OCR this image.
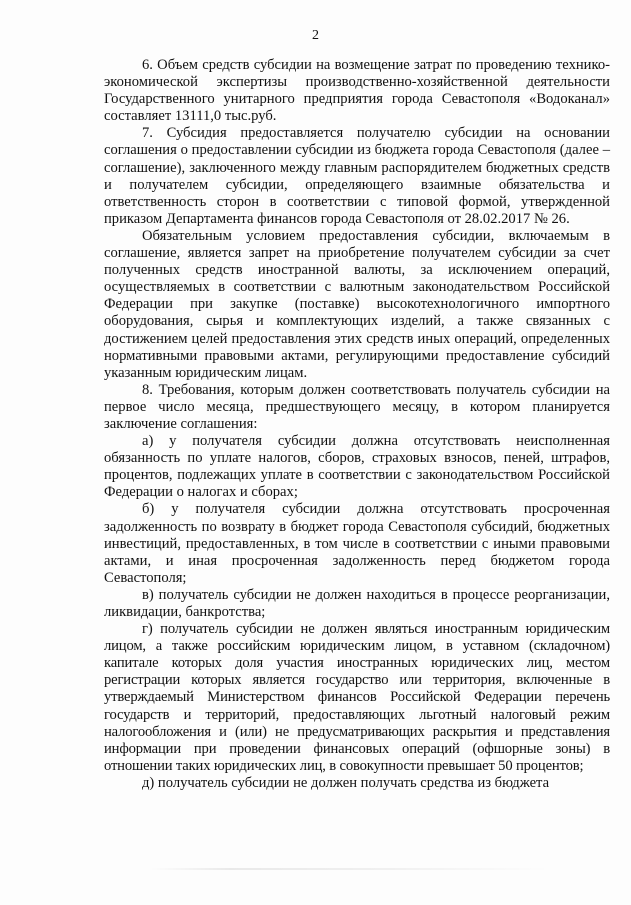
2

6. Объем средств субсидии на возмещение затрат по проведению технико-экономической экспертизы производственно-хозяйственной деятельности Государственного унитарного предприятия города Севастополя «Водоканал» составляет 13111,0 тыс.руб.

7. Субсидия предоставляется получателю субсидии на основании соглашения о предоставлении субсидии из бюджета города Севастополя (далее – соглашение), заключенного между главным распорядителем бюджетных средств и получателем субсидии, определяющего взаимные обязательства и ответственность сторон в соответствии с типовой формой, утвержденной приказом Департамента финансов города Севастополя от 28.02.2017 № 26.

Обязательным условием предоставления субсидии, включаемым в соглашение, является запрет на приобретение получателем субсидии за счет полученных средств иностранной валюты, за исключением операций, осуществляемых в соответствии с валютным законодательством Российской Федерации при закупке (поставке) высокотехнологичного импортного оборудования, сырья и комплектующих изделий, а также связанных с достижением целей предоставления этих средств иных операций, определенных нормативными правовыми актами, регулирующими предоставление субсидий указанным юридическим лицам.

8. Требования, которым должен соответствовать получатель субсидии на первое число месяца, предшествующего месяцу, в котором планируется заключение соглашения:

а) у получателя субсидии должна отсутствовать неисполненная обязанность по уплате налогов, сборов, страховых взносов, пеней, штрафов, процентов, подлежащих уплате в соответствии с законодательством Российской Федерации о налогах и сборах;

б) у получателя субсидии должна отсутствовать просроченная задолженность по возврату в бюджет города Севастополя субсидий, бюджетных инвестиций, предоставленных, в том числе в соответствии с иными правовыми актами, и иная просроченная задолженность перед бюджетом города Севастополя;

в) получатель субсидии не должен находиться в процессе реорганизации, ликвидации, банкротства;

г) получатель субсидии не должен являться иностранным юридическим лицом, а также российским юридическим лицом, в уставном (складочном) капитале которых доля участия иностранных юридических лиц, местом регистрации которых является государство или территория, включенные в утверждаемый Министерством финансов Российской Федерации перечень государств и территорий, предоставляющих льготный налоговый режим налогообложения и (или) не предусматривающих раскрытия и представления информации при проведении финансовых операций (офшорные зоны) в отношении таких юридических лиц, в совокупности превышает 50 процентов;

д) получатель субсидии не должен получать средства из бюджета
